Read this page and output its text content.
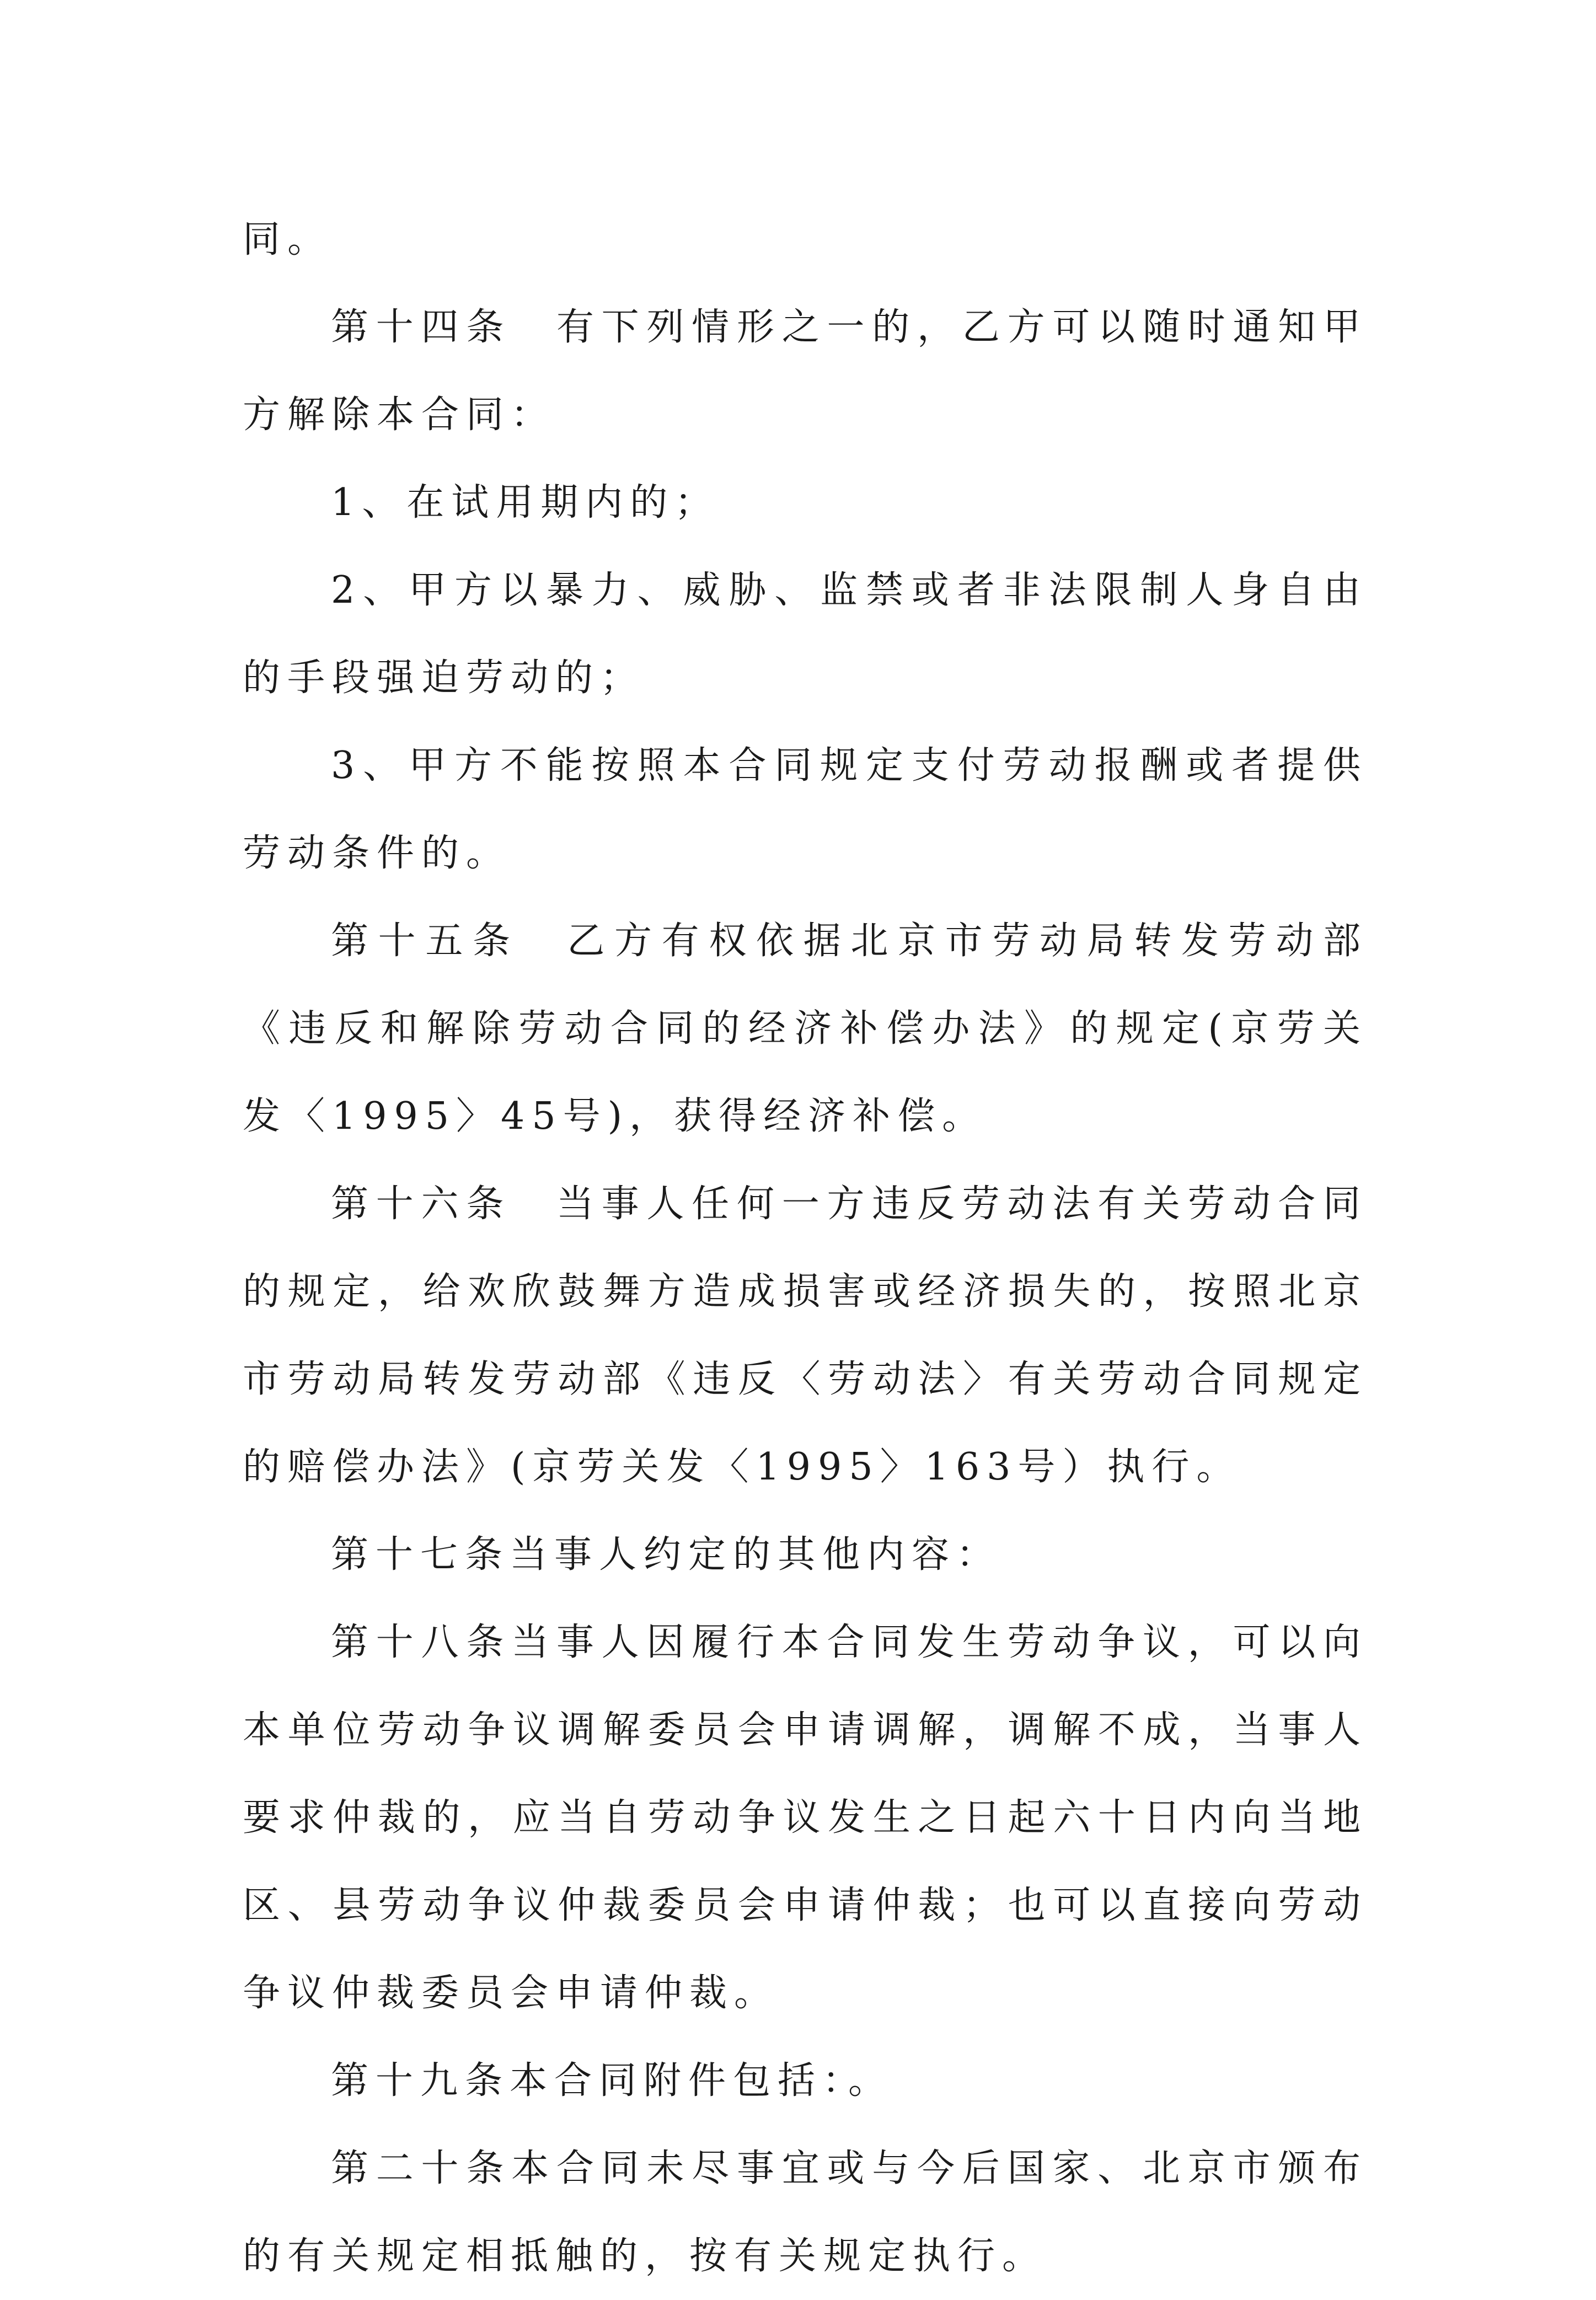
同。

第十四条　有下列情形之一的，乙方可以随时通知甲方解除本合同：

1、在试用期内的；

2、甲方以暴力、威胁、监禁或者非法限制人身自由的手段强迫劳动的；

3、甲方不能按照本合同规定支付劳动报酬或者提供劳动条件的。

第十五条　乙方有权依据北京市劳动局转发劳动部《违反和解除劳动合同的经济补偿办法》的规定(京劳关发〈1995〉45号)，获得经济补偿。

第十六条　当事人任何一方违反劳动法有关劳动合同的规定，给欢欣鼓舞方造成损害或经济损失的，按照北京市劳动局转发劳动部《违反〈劳动法〉有关劳动合同规定的赔偿办法》(京劳关发〈1995〉163号）执行。

第十七条当事人约定的其他内容：

第十八条当事人因履行本合同发生劳动争议，可以向本单位劳动争议调解委员会申请调解，调解不成，当事人要求仲裁的，应当自劳动争议发生之日起六十日内向当地区、县劳动争议仲裁委员会申请仲裁；也可以直接向劳动争议仲裁委员会申请仲裁。

第十九条本合同附件包括：。

第二十条本合同未尽事宜或与今后国家、北京市颁布的有关规定相抵触的，按有关规定执行。
